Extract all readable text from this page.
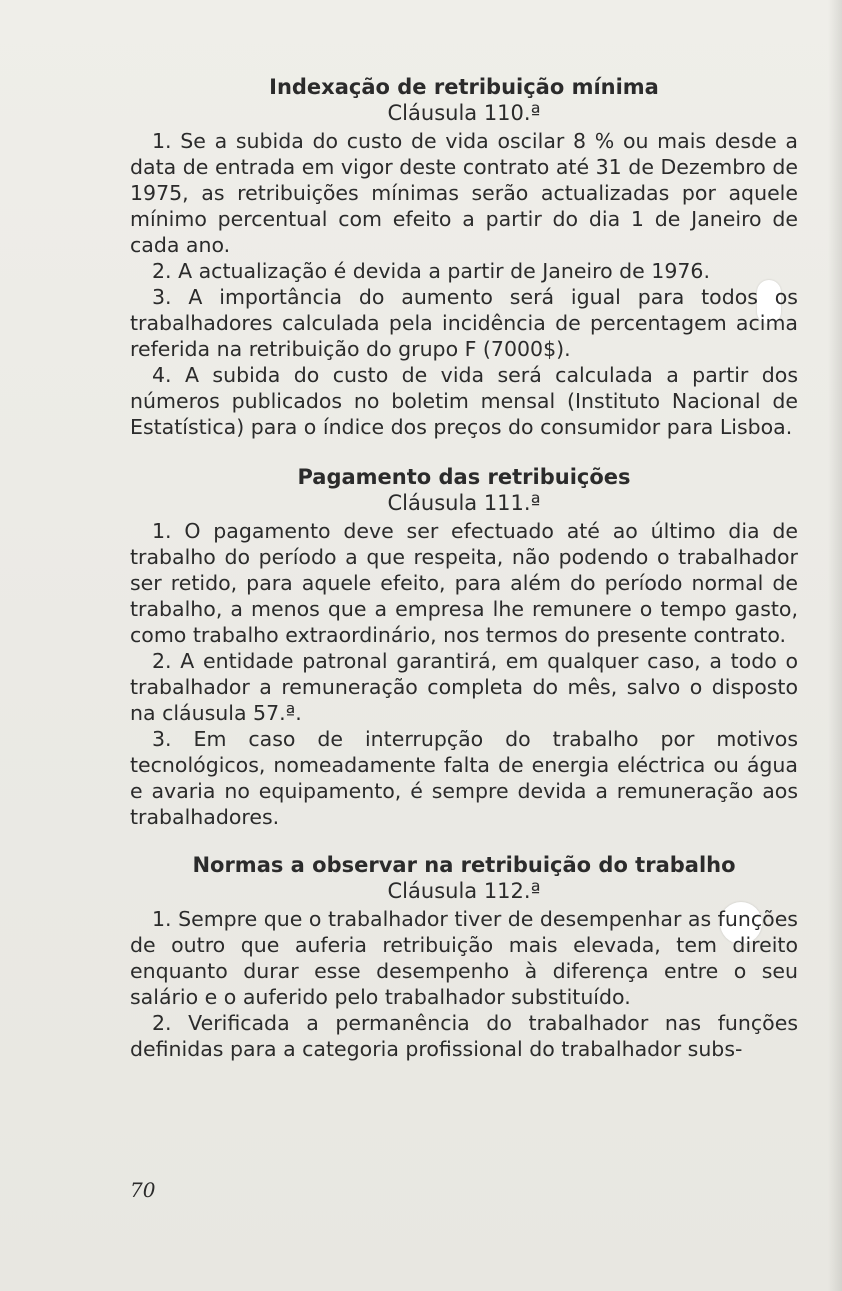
Indexação de retribuição mínima

Cláusula 110.ª

1. Se a subida do custo de vida oscilar 8 % ou mais desde a data de entrada em vigor deste contrato até 31 de Dezembro de 1975, as retribuições mínimas serão actualizadas por aquele mínimo percentual com efeito a partir do dia 1 de Janeiro de cada ano.

2. A actualização é devida a partir de Janeiro de 1976.

3. A importância do aumento será igual para todos os trabalhadores calculada pela incidência de percentagem acima referida na retribuição do grupo F (7000$).

4. A subida do custo de vida será calculada a partir dos números publicados no boletim mensal (Instituto Nacional de Estatística) para o índice dos preços do consumidor para Lisboa.

Pagamento das retribuições

Cláusula 111.ª

1. O pagamento deve ser efectuado até ao último dia de trabalho do período a que respeita, não podendo o trabalhador ser retido, para aquele efeito, para além do período normal de trabalho, a menos que a empresa lhe remunere o tempo gasto, como trabalho extraordinário, nos termos do presente contrato.

2. A entidade patronal garantirá, em qualquer caso, a todo o trabalhador a remuneração completa do mês, salvo o disposto na cláusula 57.ª.

3. Em caso de interrupção do trabalho por motivos tecnológicos, nomeadamente falta de energia eléctrica ou água e avaria no equipamento, é sempre devida a remuneração aos trabalhadores.

Normas a observar na retribuição do trabalho

Cláusula 112.ª

1. Sempre que o trabalhador tiver de desempenhar as funções de outro que auferia retribuição mais elevada, tem direito enquanto durar esse desempenho à diferença entre o seu salário e o auferido pelo trabalhador substituído.

2. Verificada a permanência do trabalhador nas funções definidas para a categoria profissional do trabalhador subs-

70
